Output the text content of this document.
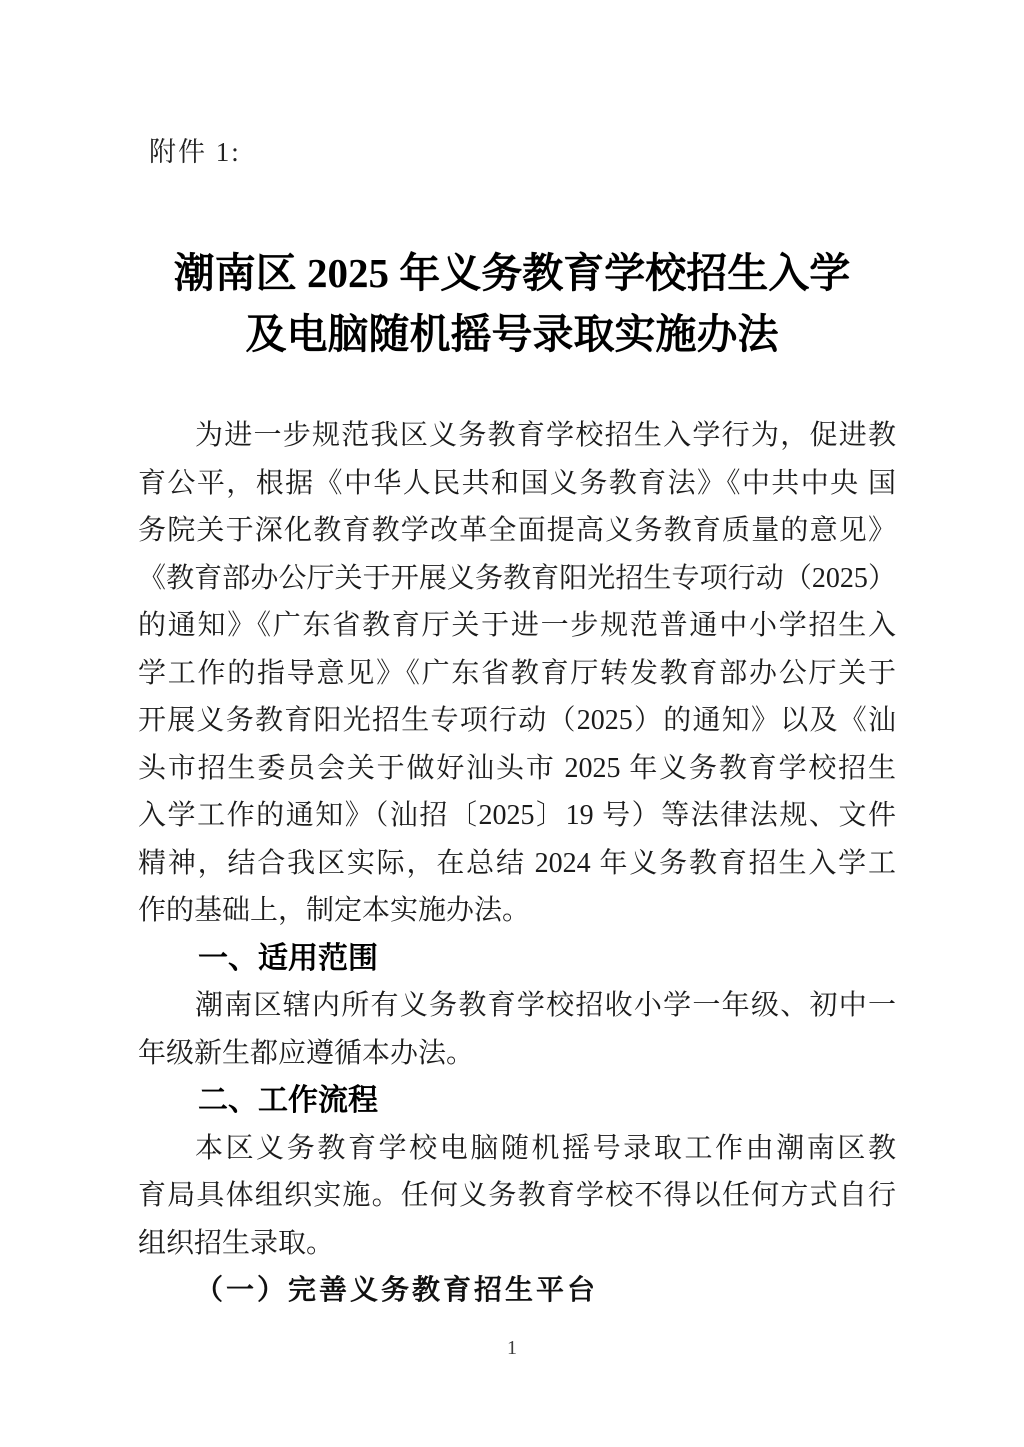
附件 1:
潮南区 2025 年义务教育学校招生入学
及电脑随机摇号录取实施办法
为进一步规范我区义务教育学校招生入学行为，促进教
育公平，根据《中华人民共和国义务教育法》《中共中央 国
务院关于深化教育教学改革全面提高义务教育质量的意见》
《教育部办公厅关于开展义务教育阳光招生专项行动（2025）
的通知》《广东省教育厅关于进一步规范普通中小学招生入
学工作的指导意见》《广东省教育厅转发教育部办公厅关于
开展义务教育阳光招生专项行动（2025）的通知》以及《汕
头市招生委员会关于做好汕头市 2025 年义务教育学校招生
入学工作的通知》（汕招〔2025〕19 号）等法律法规、文件
精神，结合我区实际，在总结 2024 年义务教育招生入学工
作的基础上，制定本实施办法。
一、适用范围
潮南区辖内所有义务教育学校招收小学一年级、初中一
年级新生都应遵循本办法。
二、工作流程
本区义务教育学校电脑随机摇号录取工作由潮南区教
育局具体组织实施。任何义务教育学校不得以任何方式自行
组织招生录取。
（一）完善义务教育招生平台
1
